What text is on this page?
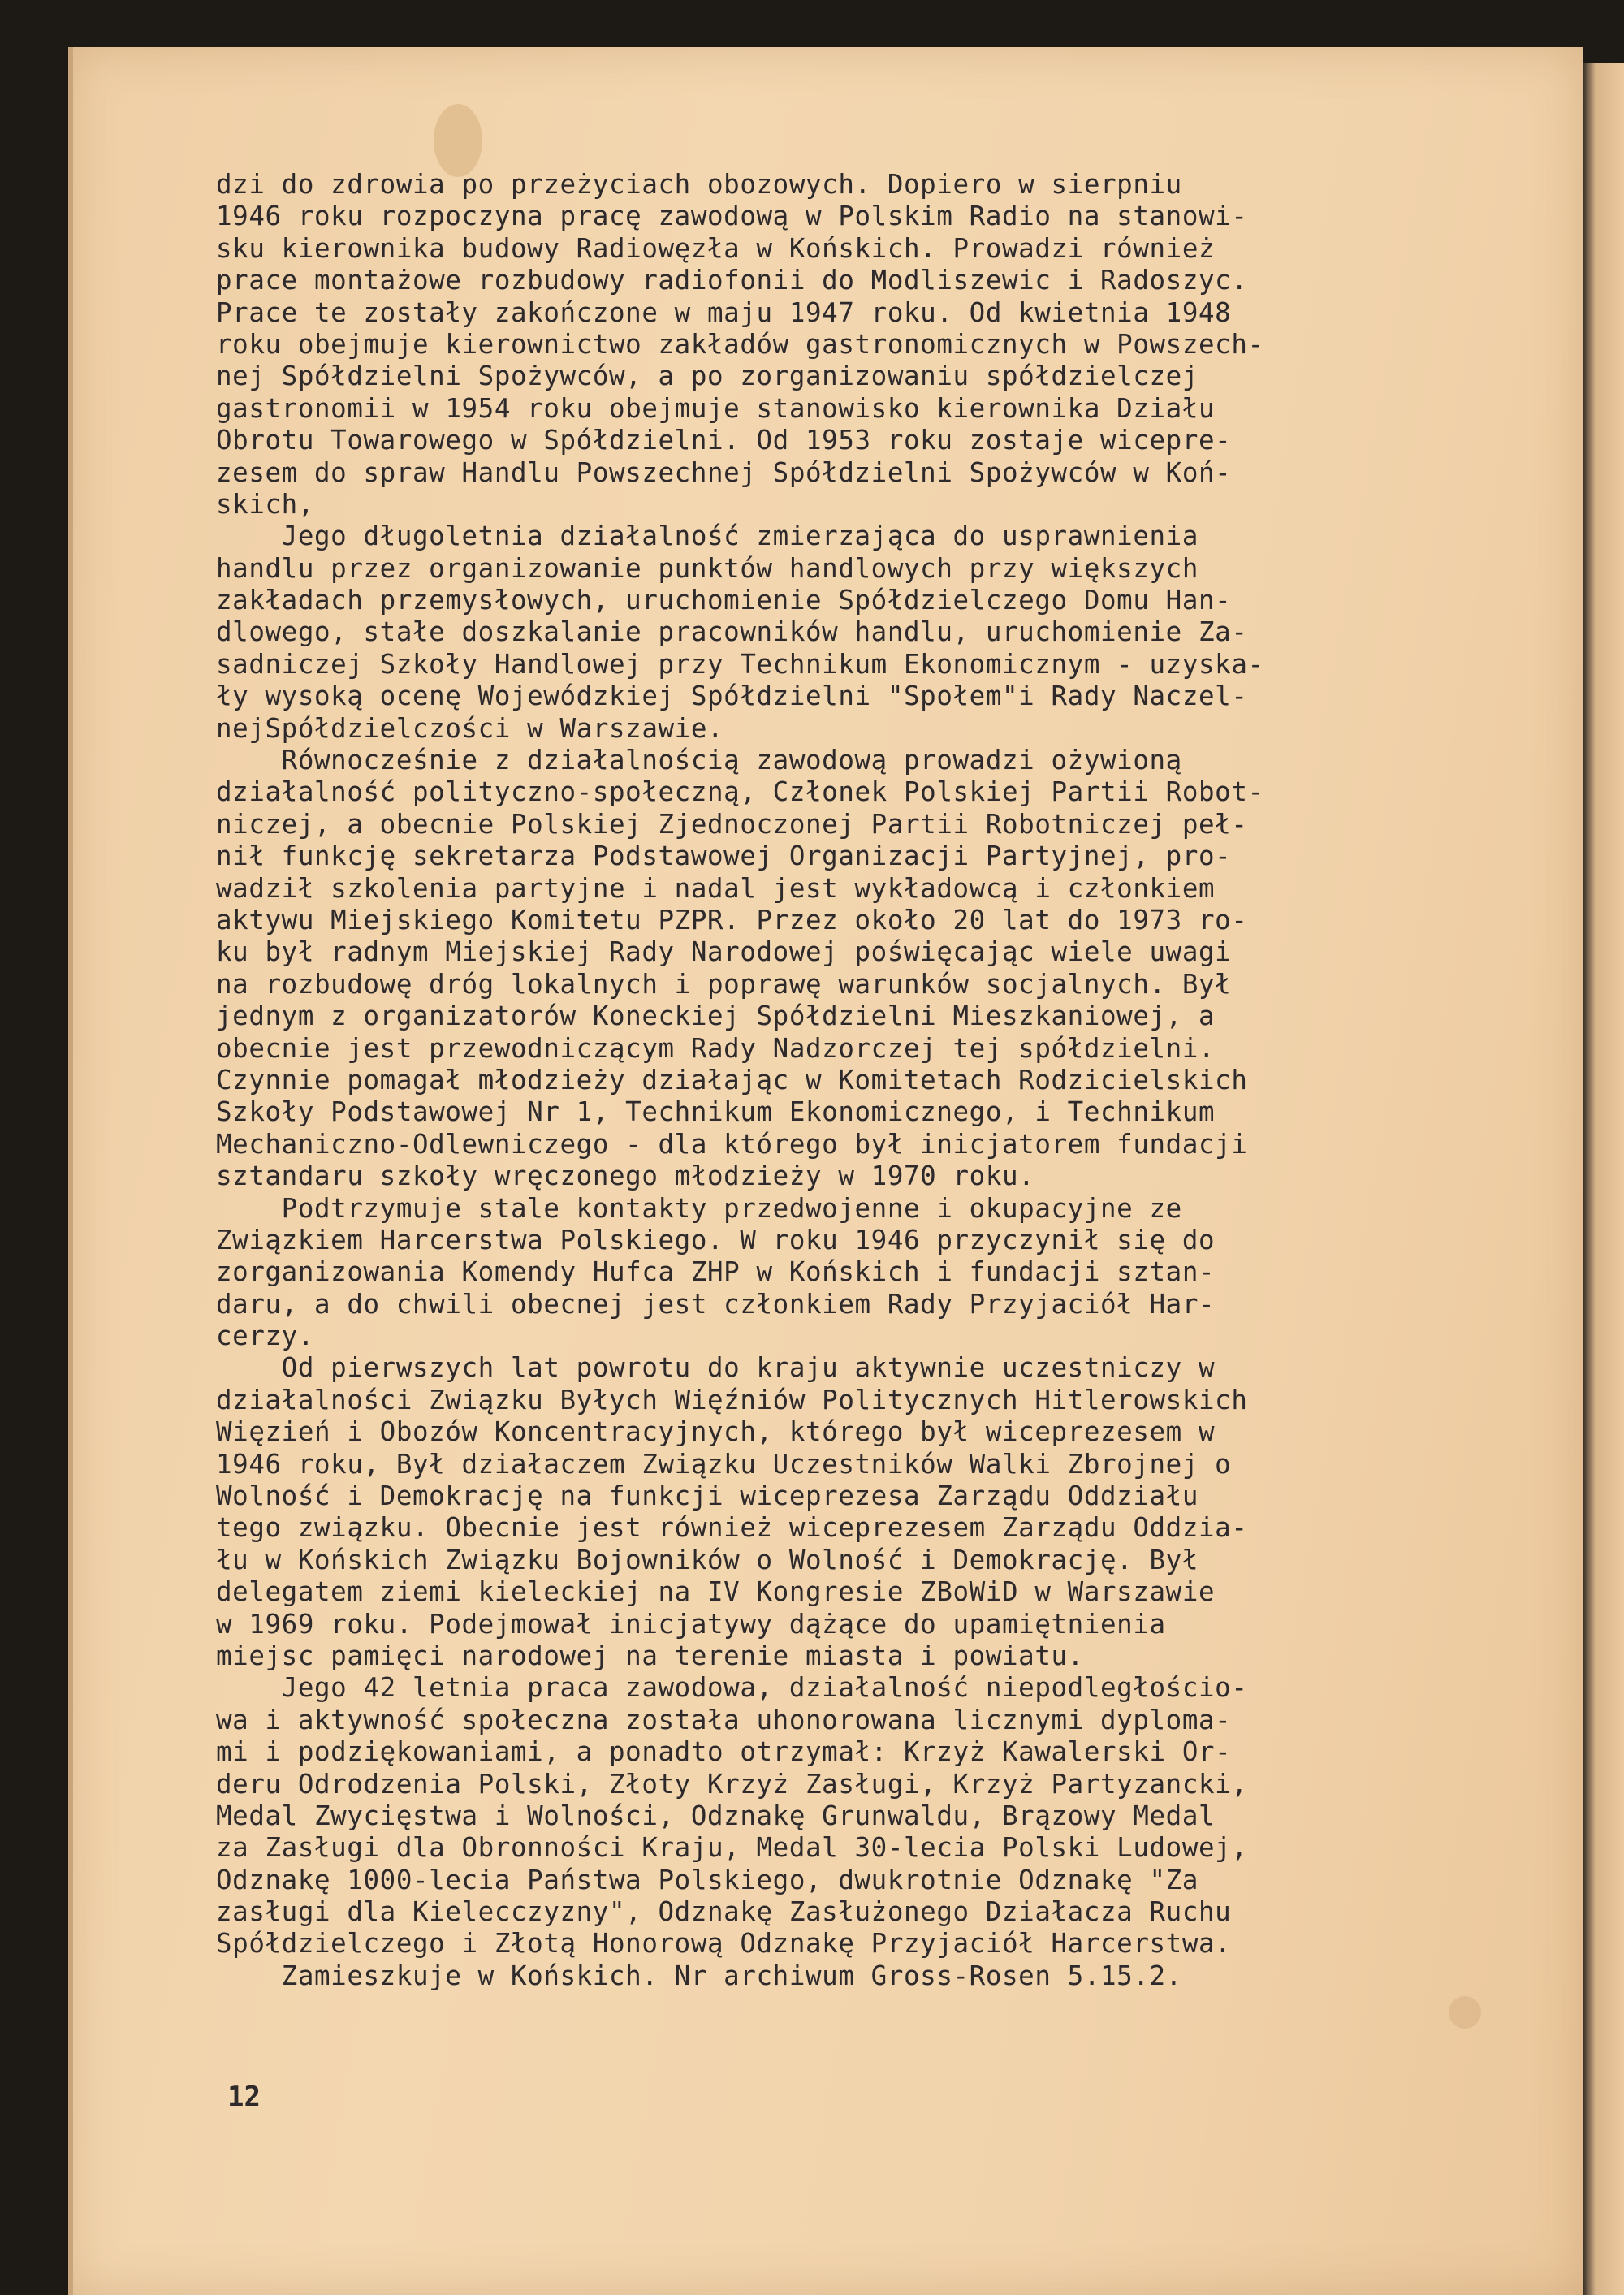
dzi do zdrowia po przeżyciach obozowych. Dopiero w sierpniu
1946 roku rozpoczyna pracę zawodową w Polskim Radio na stanowi-
sku kierownika budowy Radiowęzła w Końskich. Prowadzi również
prace montażowe rozbudowy radiofonii do Modliszewic i Radoszyc.
Prace te zostały zakończone w maju 1947 roku. Od kwietnia 1948
roku obejmuje kierownictwo zakładów gastronomicznych w Powszech-
nej Spółdzielni Spożywców, a po zorganizowaniu spółdzielczej
gastronomii w 1954 roku obejmuje stanowisko kierownika Działu
Obrotu Towarowego w Spółdzielni. Od 1953 roku zostaje wicepre-
zesem do spraw Handlu Powszechnej Spółdzielni Spożywców w Koń-
skich,
Jego długoletnia działalność zmierzająca do usprawnienia
handlu przez organizowanie punktów handlowych przy większych
zakładach przemysłowych, uruchomienie Spółdzielczego Domu Han-
dlowego, stałe doszkalanie pracowników handlu, uruchomienie Za-
sadniczej Szkoły Handlowej przy Technikum Ekonomicznym - uzyska-
ły wysoką ocenę Wojewódzkiej Spółdzielni "Społem"i Rady Naczel-
nejSpółdzielczości w Warszawie.
Równocześnie z działalnością zawodową prowadzi ożywioną
działalność polityczno-społeczną, Członek Polskiej Partii Robot-
niczej, a obecnie Polskiej Zjednoczonej Partii Robotniczej peł-
nił funkcję sekretarza Podstawowej Organizacji Partyjnej, pro-
wadził szkolenia partyjne i nadal jest wykładowcą i członkiem
aktywu Miejskiego Komitetu PZPR. Przez około 20 lat do 1973 ro-
ku był radnym Miejskiej Rady Narodowej poświęcając wiele uwagi
na rozbudowę dróg lokalnych i poprawę warunków socjalnych. Był
jednym z organizatorów Koneckiej Spółdzielni Mieszkaniowej, a
obecnie jest przewodniczącym Rady Nadzorczej tej spółdzielni.
Czynnie pomagał młodzieży działając w Komitetach Rodzicielskich
Szkoły Podstawowej Nr 1, Technikum Ekonomicznego, i Technikum
Mechaniczno-Odlewniczego - dla którego był inicjatorem fundacji
sztandaru szkoły wręczonego młodzieży w 1970 roku.
Podtrzymuje stale kontakty przedwojenne i okupacyjne ze
Związkiem Harcerstwa Polskiego. W roku 1946 przyczynił się do
zorganizowania Komendy Hufca ZHP w Końskich i fundacji sztan-
daru, a do chwili obecnej jest członkiem Rady Przyjaciół Har-
cerzy.
Od pierwszych lat powrotu do kraju aktywnie uczestniczy w
działalności Związku Byłych Więźniów Politycznych Hitlerowskich
Więzień i Obozów Koncentracyjnych, którego był wiceprezesem w
1946 roku, Był działaczem Związku Uczestników Walki Zbrojnej o
Wolność i Demokrację na funkcji wiceprezesa Zarządu Oddziału
tego związku. Obecnie jest również wiceprezesem Zarządu Oddzia-
łu w Końskich Związku Bojowników o Wolność i Demokrację. Był
delegatem ziemi kieleckiej na IV Kongresie ZBoWiD w Warszawie
w 1969 roku. Podejmował inicjatywy dążące do upamiętnienia
miejsc pamięci narodowej na terenie miasta i powiatu.
Jego 42 letnia praca zawodowa, działalność niepodległościo-
wa i aktywność społeczna została uhonorowana licznymi dyploma-
mi i podziękowaniami, a ponadto otrzymał: Krzyż Kawalerski Or-
deru Odrodzenia Polski, Złoty Krzyż Zasługi, Krzyż Partyzancki,
Medal Zwycięstwa i Wolności, Odznakę Grunwaldu, Brązowy Medal
za Zasługi dla Obronności Kraju, Medal 30-lecia Polski Ludowej,
Odznakę 1000-lecia Państwa Polskiego, dwukrotnie Odznakę "Za
zasługi dla Kielecczyzny", Odznakę Zasłużonego Działacza Ruchu
Spółdzielczego i Złotą Honorową Odznakę Przyjaciół Harcerstwa.
Zamieszkuje w Końskich. Nr archiwum Gross-Rosen 5.15.2.
12
